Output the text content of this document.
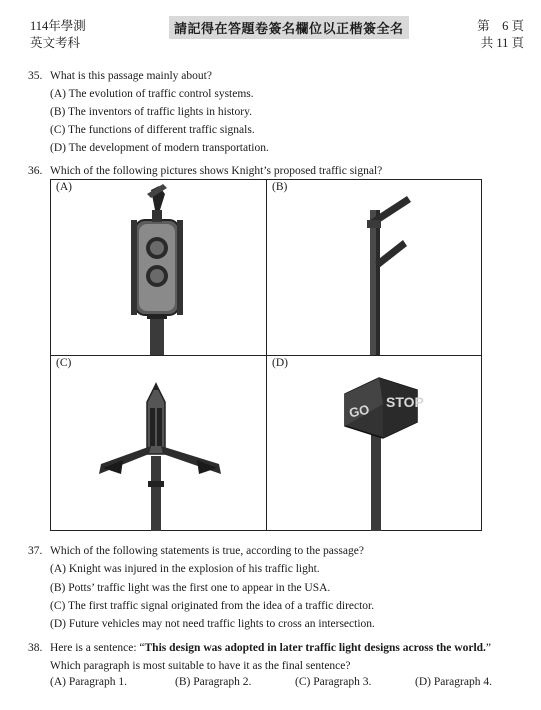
114年學測
英文考科
請記得在答題卷簽名欄位以正楷簽全名	第　6 頁
共 11 頁
35. What is this passage mainly about?
(A) The evolution of traffic control systems.
(B) The inventors of traffic lights in history.
(C) The functions of different traffic signals.
(D) The development of modern transportation.
36. Which of the following pictures shows Knight’s proposed traffic signal?
(A)	(B)
(C)
STOP
GO
(D)
37. Which of the following statements is true, according to the passage?
(A) Knight was injured in the explosion of his traffic light.
(B) Potts’ traffic light was the first one to appear in the USA.
(C) The first traffic signal originated from the idea of a traffic director.
(D) Future vehicles may not need traffic lights to cross an intersection.
38. Here is a sentence: “This design was adopted in later traffic light designs across the world.”
Which paragraph is most suitable to have it as the final sentence?
(A) Paragraph 1.	(B) Paragraph 2.	(C) Paragraph 3.	(D) Paragraph 4.
